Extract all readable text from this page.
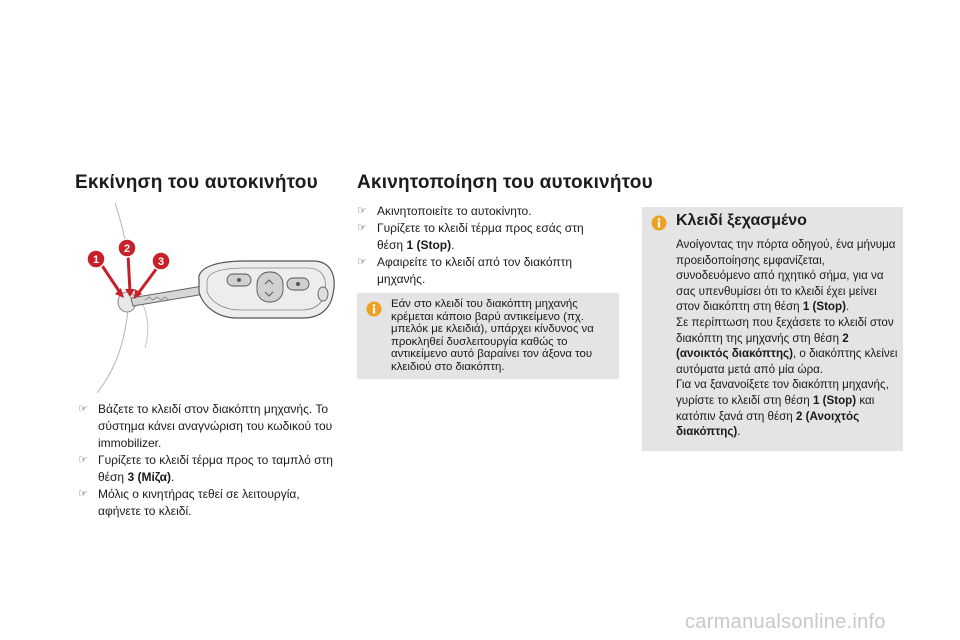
Εκκίνηση του αυτοκινήτου
1
2
3
☞ Βάζετε το κλειδί στον διακόπτη μηχανής. Το σύστημα κάνει αναγνώριση του κωδικού του immobilizer.
☞ Γυρίζετε το κλειδί τέρμα προς το ταμπλό στη θέση 3 (Μίζα).
☞ Μόλις ο κινητήρας τεθεί σε λειτουργία, αφήνετε το κλειδί.
Ακινητοποίηση του αυτοκινήτου
☞ Ακινητοποιείτε το αυτοκίνητο.
☞ Γυρίζετε το κλειδί τέρμα προς εσάς στη θέση 1 (Stop).
☞ Αφαιρείτε το κλειδί από τον διακόπτη μηχανής.
Εάν στο κλειδί του διακόπτη μηχανής κρέμεται κάποιο βαρύ αντικείμενο (πχ. μπελόκ με κλειδιά), υπάρχει κίνδυνος να προκληθεί δυσλειτουργία καθώς το αντικείμενο αυτό βαραίνει τον άξονα του κλειδιού στο διακόπτη.
Κλειδί ξεχασμένο
Ανοίγοντας την πόρτα οδηγού, ένα μήνυμα προειδοποίησης εμφανίζεται, συνοδευόμενο από ηχητικό σήμα, για να σας υπενθυμίσει ότι το κλειδί έχει μείνει στον διακόπτη στη θέση 1 (Stop).
Σε περίπτωση που ξεχάσετε το κλειδί στον διακόπτη της μηχανής στη θέση 2 (ανοικτός διακόπτης), ο διακόπτης κλείνει αυτόματα μετά από μία ώρα.
Για να ξανανοίξετε τον διακόπτη μηχανής, γυρίστε το κλειδί στη θέση 1 (Stop) και κατόπιν ξανά στη θέση 2 (Ανοιχτός διακόπτης).
carmanualsonline.info
